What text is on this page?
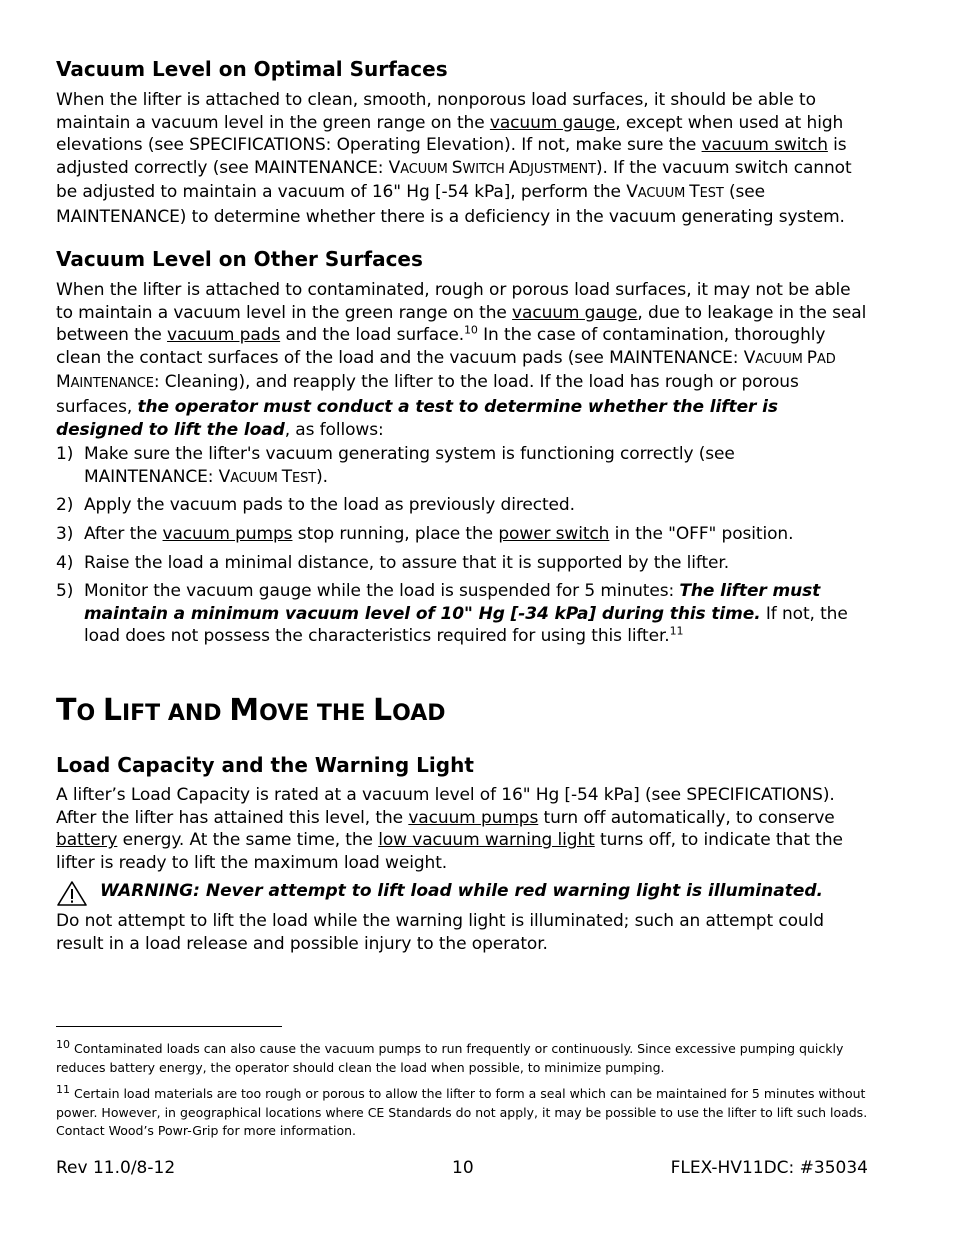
Vacuum Level on Optimal Surfaces

When the lifter is attached to clean, smooth, nonporous load surfaces, it should be able to maintain a vacuum level in the green range on the vacuum gauge, except when used at high elevations (see SPECIFICATIONS: Operating Elevation). If not, make sure the vacuum switch is adjusted correctly (see MAINTENANCE: VACUUM SWITCH ADJUSTMENT). If the vacuum switch cannot be adjusted to maintain a vacuum of 16" Hg [-54 kPa], perform the VACUUM TEST (see MAINTENANCE) to determine whether there is a deficiency in the vacuum generating system.

Vacuum Level on Other Surfaces

When the lifter is attached to contaminated, rough or porous load surfaces, it may not be able to maintain a vacuum level in the green range on the vacuum gauge, due to leakage in the seal between the vacuum pads and the load surface.$^{10}$ In the case of contamination, thoroughly clean the contact surfaces of the load and the vacuum pads (see MAINTENANCE: VACUUM PAD MAINTENANCE: Cleaning), and reapply the lifter to the load. If the load has rough or porous surfaces, the operator must conduct a test to determine whether the lifter is designed to lift the load, as follows:

1) Make sure the lifter's vacuum generating system is functioning correctly (see MAINTENANCE: VACUUM TEST).
2) Apply the vacuum pads to the load as previously directed.
3) After the vacuum pumps stop running, place the power switch in the "OFF" position.
4) Raise the load a minimal distance, to assure that it is supported by the lifter.
5) Monitor the vacuum gauge while the load is suspended for 5 minutes: The lifter must maintain a minimum vacuum level of 10" Hg [-34 kPa] during this time. If not, the load does not possess the characteristics required for using this lifter.$^{11}$
TO LIFT AND MOVE THE LOAD
Load Capacity and the Warning Light

A lifter’s Load Capacity is rated at a vacuum level of 16" Hg [-54 kPa] (see SPECIFICATIONS). After the lifter has attained this level, the vacuum pumps turn off automatically, to conserve battery energy. At the same time, the low vacuum warning light turns off, to indicate that the lifter is ready to lift the maximum load weight.

WARNING: Never attempt to lift load while red warning light is illuminated.

Do not attempt to lift the load while the warning light is illuminated; such an attempt could result in a load release and possible injury to the operator.

$^{10}$ Contaminated loads can also cause the vacuum pumps to run frequently or continuously. Since excessive pumping quickly reduces battery energy, the operator should clean the load when possible, to minimize pumping.
$^{11}$ Certain load materials are too rough or porous to allow the lifter to form a seal which can be maintained for 5 minutes without power. However, in geographical locations where CE Standards do not apply, it may be possible to use the lifter to lift such loads. Contact Wood’s Powr-Grip for more information.
Rev 11.0/8-12	10	FLEX-HV11DC: #35034
